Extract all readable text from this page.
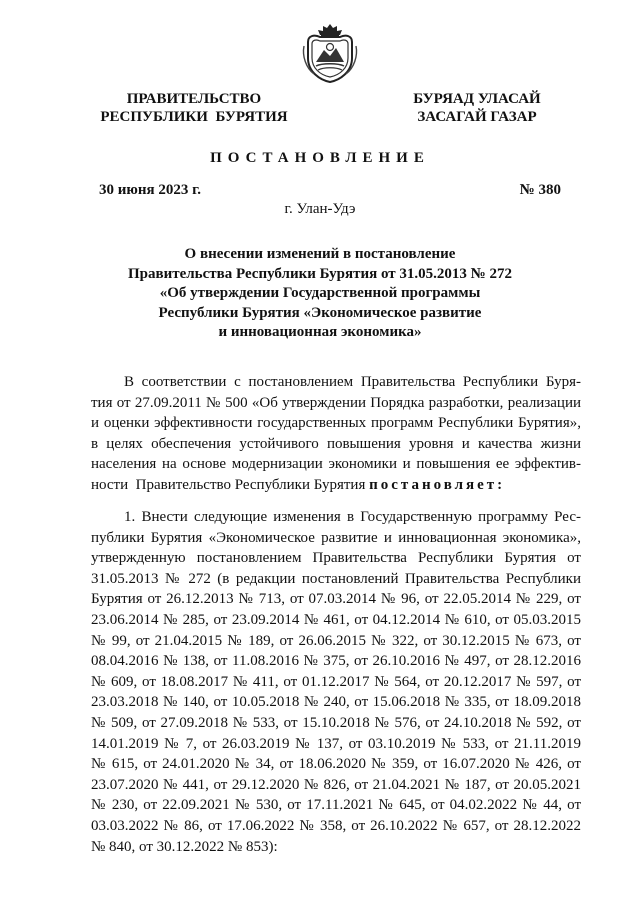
ПРАВИТЕЛЬСТВО
РЕСПУБЛИКИ  БУРЯТИЯ
БУРЯАД УЛАСАЙ
ЗАСАГАЙ ГАЗАР
ПОСТАНОВЛЕНИЕ
30 июня 2023 г.	№ 380
г. Улан-Удэ
О внесении изменений в постановление
Правительства Республики Бурятия от 31.05.2013 № 272
«Об утверждении Государственной программы
Республики Бурятия «Экономическое развитие
и инновационная экономика»
В соответствии с постановлением Правительства Республики Буря-
тия от 27.09.2011 № 500 «Об утверждении Порядка разработки, реализации
и оценки эффективности государственных программ Республики Бурятия»,
в целях обеспечения устойчивого повышения уровня и качества жизни
населения на основе модернизации экономики и повышения ее эффектив-
ности  Правительство Республики Бурятия постановляет:
1. Внести следующие изменения в Государственную программу Рес-
публики Бурятия «Экономическое развитие и инновационная экономика»,
утвержденную постановлением Правительства Республики Бурятия от
31.05.2013 № 272 (в редакции постановлений Правительства Республики
Бурятия от 26.12.2013 № 713, от 07.03.2014 № 96, от 22.05.2014 № 229, от
23.06.2014 № 285, от 23.09.2014 № 461, от 04.12.2014 № 610, от 05.03.2015
№ 99, от 21.04.2015 № 189, от 26.06.2015 № 322, от 30.12.2015 № 673, от
08.04.2016 № 138, от 11.08.2016 № 375, от 26.10.2016 № 497, от 28.12.2016
№ 609, от 18.08.2017 № 411, от 01.12.2017 № 564, от 20.12.2017 № 597, от
23.03.2018 № 140, от 10.05.2018 № 240, от 15.06.2018 № 335, от 18.09.2018
№ 509, от 27.09.2018 № 533, от 15.10.2018 № 576, от 24.10.2018 № 592, от
14.01.2019 № 7, от 26.03.2019 № 137, от 03.10.2019 № 533, от 21.11.2019
№ 615, от 24.01.2020 № 34, от 18.06.2020 № 359, от 16.07.2020 № 426, от
23.07.2020 № 441, от 29.12.2020 № 826, от 21.04.2021 № 187, от 20.05.2021
№ 230, от 22.09.2021 № 530, от 17.11.2021 № 645, от 04.02.2022 № 44, от
03.03.2022 № 86, от 17.06.2022 № 358, от 26.10.2022 № 657, от 28.12.2022
№ 840, от 30.12.2022 № 853):
